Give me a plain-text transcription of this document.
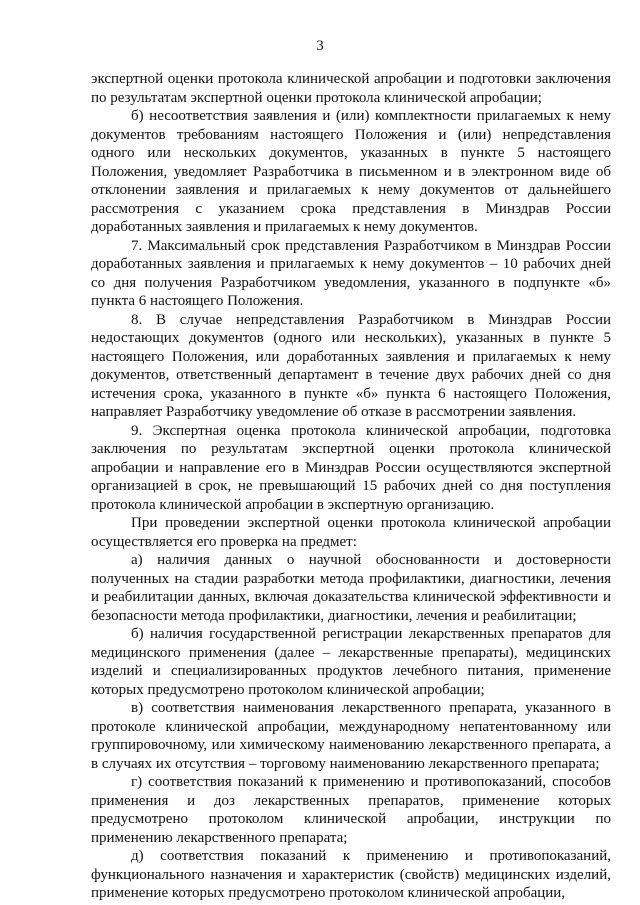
3

экспертной оценки протокола клинической апробации и подготовки заключения по результатам экспертной оценки протокола клинической апробации;

б) несоответствия заявления и (или) комплектности прилагаемых к нему документов требованиям настоящего Положения и (или) непредставления одного или нескольких документов, указанных в пункте 5 настоящего Положения, уведомляет Разработчика в письменном и в электронном виде об отклонении заявления и прилагаемых к нему документов от дальнейшего рассмотрения с указанием срока представления в Минздрав России доработанных заявления и прилагаемых к нему документов.

7. Максимальный срок представления Разработчиком в Минздрав России доработанных заявления и прилагаемых к нему документов – 10 рабочих дней со дня получения Разработчиком уведомления, указанного в подпункте «б» пункта 6 настоящего Положения.

8. В случае непредставления Разработчиком в Минздрав России недостающих документов (одного или нескольких), указанных в пункте 5 настоящего Положения, или доработанных заявления и прилагаемых к нему документов, ответственный департамент в течение двух рабочих дней со дня истечения срока, указанного в пункте «б» пункта 6 настоящего Положения, направляет Разработчику уведомление об отказе в рассмотрении заявления.

9. Экспертная оценка протокола клинической апробации, подготовка заключения по результатам экспертной оценки протокола клинической апробации и направление его в Минздрав России осуществляются экспертной организацией в срок, не превышающий 15 рабочих дней со дня поступления протокола клинической апробации в экспертную организацию.

При проведении экспертной оценки протокола клинической апробации осуществляется его проверка на предмет:

а) наличия данных о научной обоснованности и достоверности полученных на стадии разработки метода профилактики, диагностики, лечения и реабилитации данных, включая доказательства клинической эффективности и безопасности метода профилактики, диагностики, лечения и реабилитации;

б) наличия государственной регистрации лекарственных препаратов для медицинского применения (далее – лекарственные препараты), медицинских изделий и специализированных продуктов лечебного питания, применение которых предусмотрено протоколом клинической апробации;

в) соответствия наименования лекарственного препарата, указанного в протоколе клинической апробации, международному непатентованному или группировочному, или химическому наименованию лекарственного препарата, а в случаях их отсутствия – торговому наименованию лекарственного препарата;

г) соответствия показаний к применению и противопоказаний, способов применения и доз лекарственных препаратов, применение которых предусмотрено протоколом клинической апробации, инструкции по применению лекарственного препарата;

д) соответствия показаний к применению и противопоказаний, функционального назначения и характеристик (свойств) медицинских изделий, применение которых предусмотрено протоколом клинической апробации,
